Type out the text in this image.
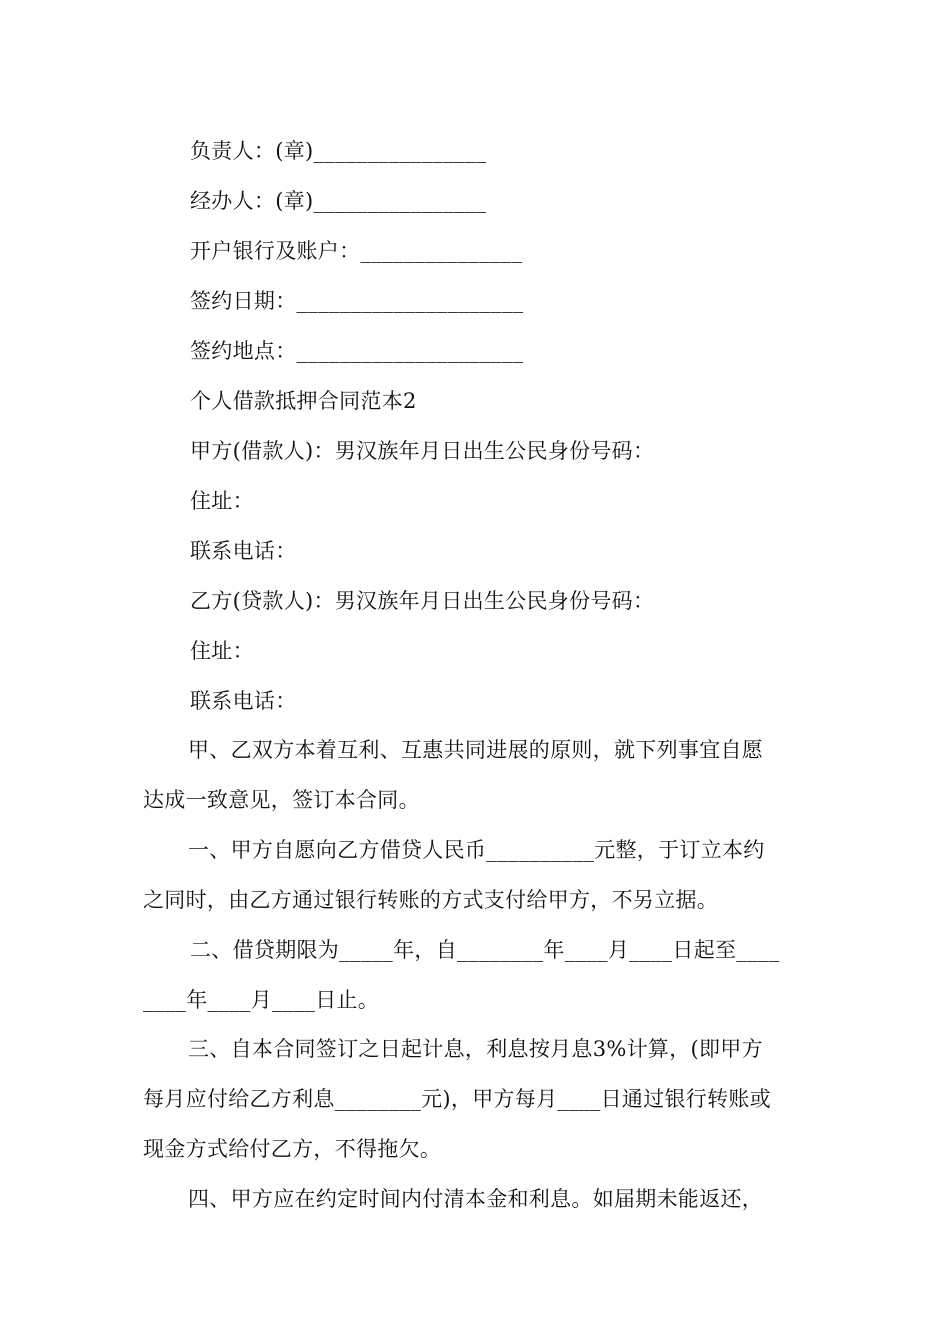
负责人：(章)________________
经办人：(章)________________
开户银行及账户：_______________
签约日期：_____________________
签约地点：_____________________
个人借款抵押合同范本2
甲方(借款人)：男汉族年月日出生公民身份号码：
住址：
联系电话：
乙方(贷款人)：男汉族年月日出生公民身份号码：
住址：
联系电话：
甲、乙双方本着互利、互惠共同进展的原则，就下列事宜自愿
达成一致意见，签订本合同。
一、甲方自愿向乙方借贷人民币__________元整，于订立本约
之同时，由乙方通过银行转账的方式支付给甲方，不另立据。
二、借贷期限为_____年，自________年____月____日起至____
____年____月____日止。
三、自本合同签订之日起计息，利息按月息3%计算，(即甲方
每月应付给乙方利息________元)，甲方每月____日通过银行转账或
现金方式给付乙方，不得拖欠。
四、甲方应在约定时间内付清本金和利息。如届期未能返还，
